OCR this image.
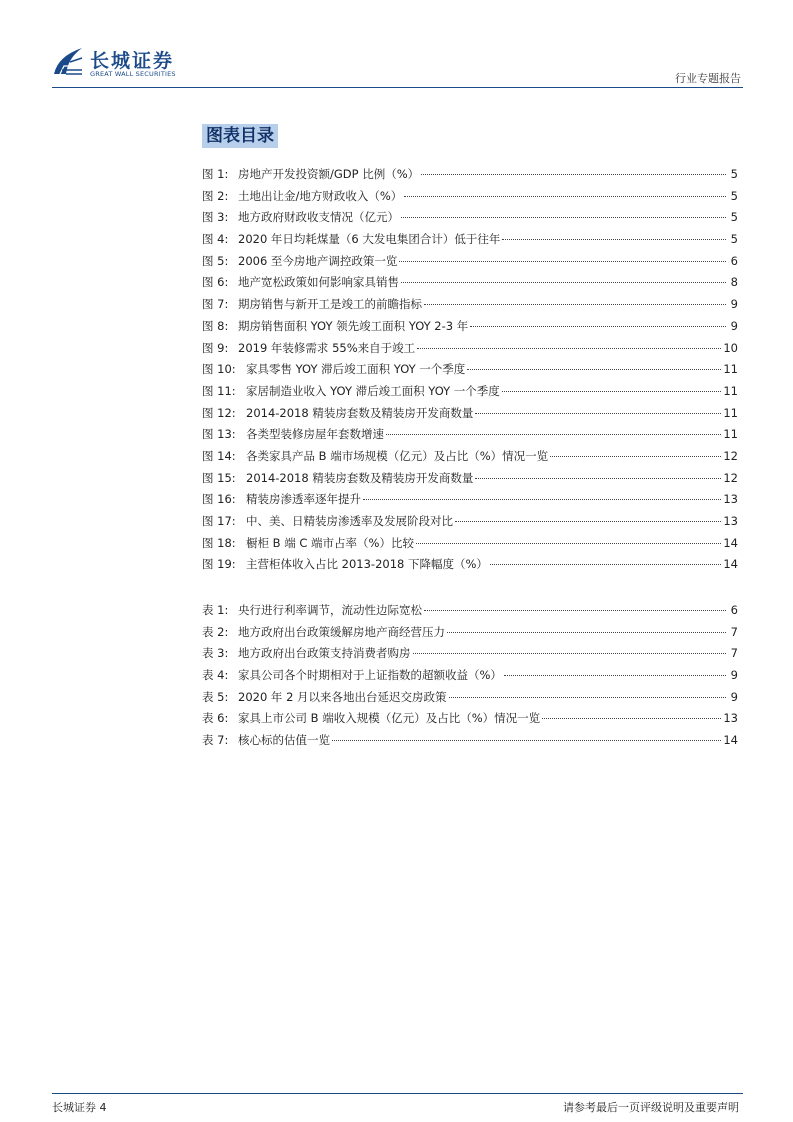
长城证券
GREAT WALL SECURITIES	行业专题报告
图表目录
图 1: 房地产开发投资额/GDP 比例（%）	5
图 2: 土地出让金/地方财政收入（%）	5
图 3: 地方政府财政收支情况（亿元）	5
图 4: 2020 年日均耗煤量（6 大发电集团合计）低于往年	5
图 5: 2006 至今房地产调控政策一览	6
图 6: 地产宽松政策如何影响家具销售	8
图 7: 期房销售与新开工是竣工的前瞻指标	9
图 8: 期房销售面积 YOY 领先竣工面积 YOY 2-3 年	9
图 9: 2019 年装修需求 55%来自于竣工	10
图 10: 家具零售 YOY 滞后竣工面积 YOY 一个季度	11
图 11: 家居制造业收入 YOY 滞后竣工面积 YOY 一个季度	11
图 12: 2014-2018 精装房套数及精装房开发商数量	11
图 13: 各类型装修房屋年套数增速	11
图 14: 各类家具产品 B 端市场规模（亿元）及占比（%）情况一览	12
图 15: 2014-2018 精装房套数及精装房开发商数量	12
图 16: 精装房渗透率逐年提升	13
图 17: 中、美、日精装房渗透率及发展阶段对比	13
图 18: 橱柜 B 端 C 端市占率（%）比较	14
图 19: 主营柜体收入占比 2013-2018 下降幅度（%）	14
表 1: 央行进行利率调节，流动性边际宽松	6
表 2: 地方政府出台政策缓解房地产商经营压力	7
表 3: 地方政府出台政策支持消费者购房	7
表 4: 家具公司各个时期相对于上证指数的超额收益（%）	9
表 5: 2020 年 2 月以来各地出台延迟交房政策	9
表 6: 家具上市公司 B 端收入规模（亿元）及占比（%）情况一览	13
表 7: 核心标的估值一览	14
长城证券 4	请参考最后一页评级说明及重要声明
